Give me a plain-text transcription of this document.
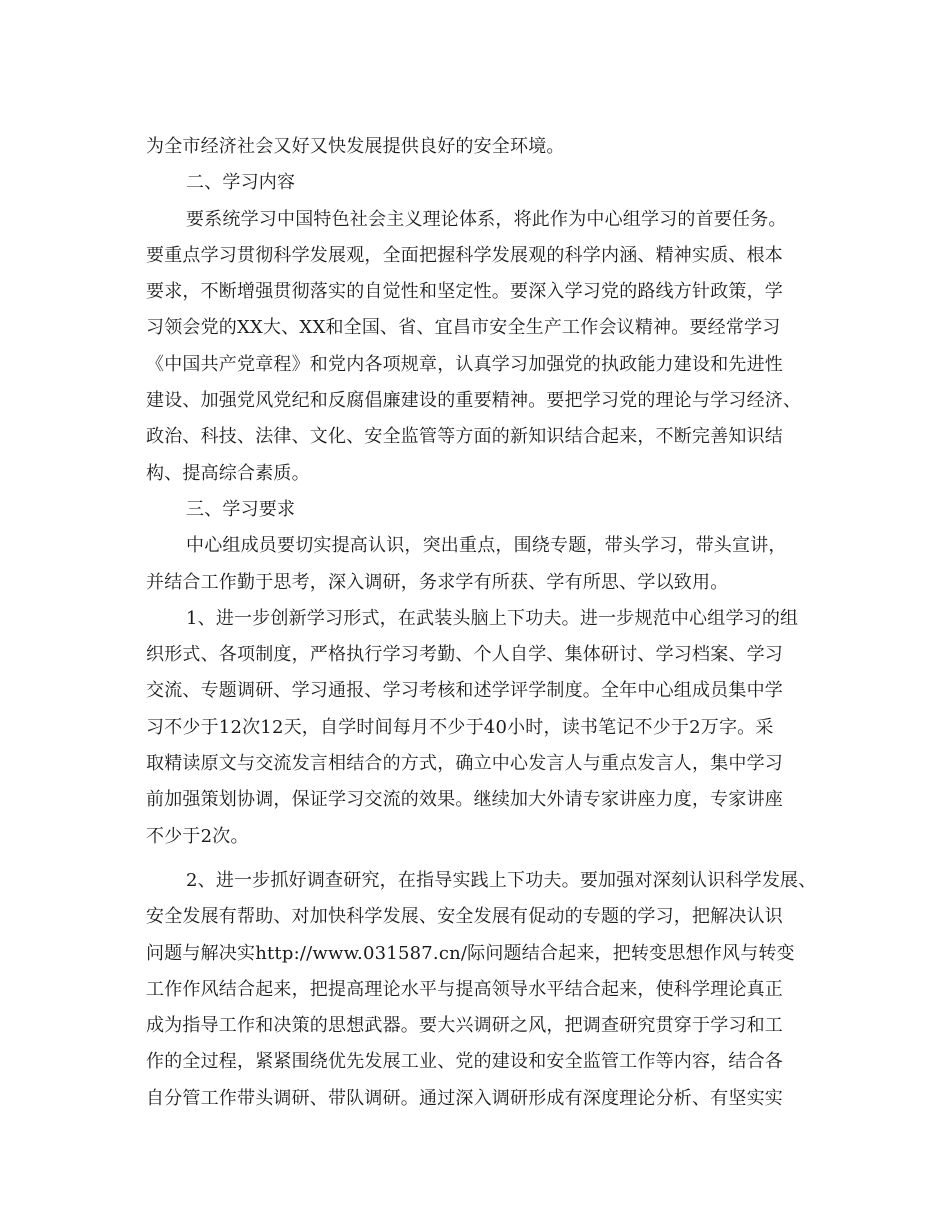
为全市经济社会又好又快发展提供良好的安全环境。
二、学习内容
要系统学习中国特色社会主义理论体系，将此作为中心组学习的首要任务。
要重点学习贯彻科学发展观，全面把握科学发展观的科学内涵、精神实质、根本
要求，不断增强贯彻落实的自觉性和坚定性。要深入学习党的路线方针政策，学
习领会党的XX大、XX和全国、省、宜昌市安全生产工作会议精神。要经常学习
《中国共产党章程》和党内各项规章，认真学习加强党的执政能力建设和先进性
建设、加强党风党纪和反腐倡廉建设的重要精神。要把学习党的理论与学习经济、
政治、科技、法律、文化、安全监管等方面的新知识结合起来，不断完善知识结
构、提高综合素质。
三、学习要求
中心组成员要切实提高认识，突出重点，围绕专题，带头学习，带头宣讲，
并结合工作勤于思考，深入调研，务求学有所获、学有所思、学以致用。
1、进一步创新学习形式，在武装头脑上下功夫。进一步规范中心组学习的组
织形式、各项制度，严格执行学习考勤、个人自学、集体研讨、学习档案、学习
交流、专题调研、学习通报、学习考核和述学评学制度。全年中心组成员集中学
习不少于12次12天，自学时间每月不少于40小时，读书笔记不少于2万字。采
取精读原文与交流发言相结合的方式，确立中心发言人与重点发言人，集中学习
前加强策划协调，保证学习交流的效果。继续加大外请专家讲座力度，专家讲座
不少于2次。
2、进一步抓好调查研究，在指导实践上下功夫。要加强对深刻认识科学发展、
安全发展有帮助、对加快科学发展、安全发展有促动的专题的学习，把解决认识
问题与解决实http://www.031587.cn/际问题结合起来，把转变思想作风与转变
工作作风结合起来，把提高理论水平与提高领导水平结合起来，使科学理论真正
成为指导工作和决策的思想武器。要大兴调研之风，把调查研究贯穿于学习和工
作的全过程，紧紧围绕优先发展工业、党的建设和安全监管工作等内容，结合各
自分管工作带头调研、带队调研。通过深入调研形成有深度理论分析、有坚实实
